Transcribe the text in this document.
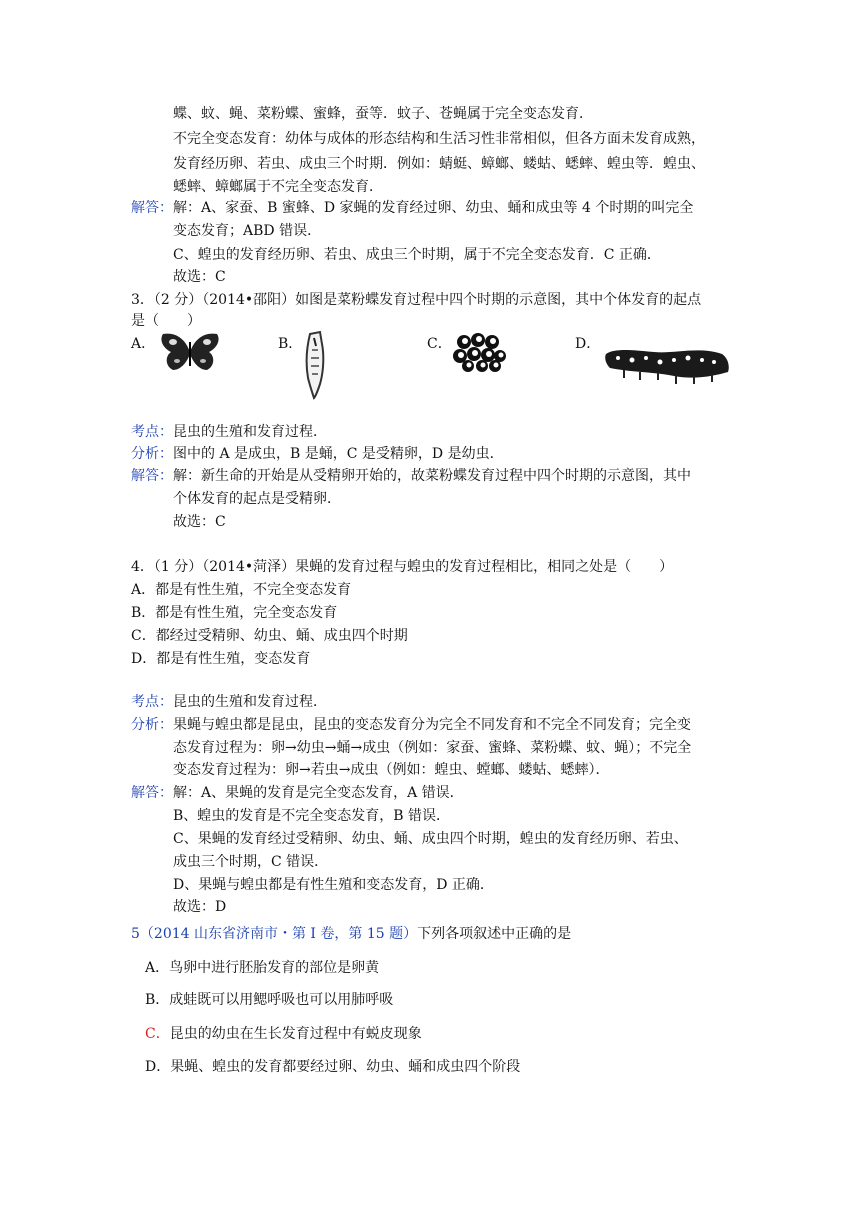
蝶、蚊、蝇、菜粉蝶、蜜蜂，蚕等．蚊子、苍蝇属于完全变态发育．
不完全变态发育：幼体与成体的形态结构和生活习性非常相似，但各方面未发育成熟，
发育经历卵、若虫、成虫三个时期．例如：蜻蜓、蟑螂、蝼蛄、蟋蟀、蝗虫等．蝗虫、
蟋蟀、蟑螂属于不完全变态发育．
解答： 解：A、家蚕、B 蜜蜂、D 家蝇的发育经过卵、幼虫、蛹和成虫等 4 个时期的叫完全
变态发育；ABD 错误．
C、蝗虫的发育经历卵、若虫、成虫三个时期，属于不完全变态发育．C 正确．
故选：C
3．（2 分）（2014•邵阳）如图是菜粉蝶发育过程中四个时期的示意图，其中个体发育的起点
是（　　）
A．	B．	C．	D．
考点： 昆虫的生殖和发育过程．
分析： 图中的 A 是成虫，B 是蛹，C 是受精卵，D 是幼虫．
解答： 解：新生命的开始是从受精卵开始的，故菜粉蝶发育过程中四个时期的示意图，其中
个体发育的起点是受精卵．
故选：C
4．（1 分）（2014•菏泽）果蝇的发育过程与蝗虫的发育过程相比，相同之处是（　　）
A．都是有性生殖，不完全变态发育
B．都是有性生殖，完全变态发育
C．都经过受精卵、幼虫、蛹、成虫四个时期
D．都是有性生殖，变态发育
考点： 昆虫的生殖和发育过程．
分析： 果蝇与蝗虫都是昆虫，昆虫的变态发育分为完全不同发育和不完全不同发育；完全变
态发育过程为：卵→幼虫→蛹→成虫（例如：家蚕、蜜蜂、菜粉蝶、蚊、蝇）；不完全
变态发育过程为：卵→若虫→成虫（例如：蝗虫、螳螂、蝼蛄、蟋蟀）．
解答： 解：A、果蝇的发育是完全变态发育，A 错误．
B、蝗虫的发育是不完全变态发育，B 错误．
C、果蝇的发育经过受精卵、幼虫、蛹、成虫四个时期，蝗虫的发育经历卵、若虫、
成虫三个时期，C 错误．
D、果蝇与蝗虫都是有性生殖和变态发育，D 正确．
故选：D
5（2014 山东省济南市・第 I 卷，第 15 题）下列各项叙述中正确的是
A．鸟卵中进行胚胎发育的部位是卵黄
B．成蛙既可以用鳃呼吸也可以用肺呼吸
C．昆虫的幼虫在生长发育过程中有蜕皮现象
D．果蝇、蝗虫的发育都要经过卵、幼虫、蛹和成虫四个阶段
